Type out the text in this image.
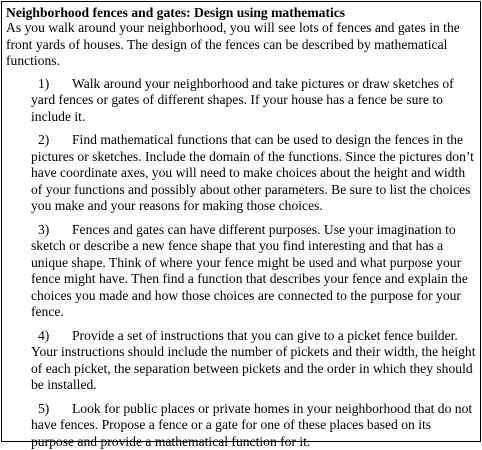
Neighborhood fences and gates: Design using mathematics

As you walk around your neighborhood, you will see lots of fences and gates in the front yards of houses. The design of the fences can be described by mathematical functions.

1) Walk around your neighborhood and take pictures or draw sketches of yard fences or gates of different shapes. If your house has a fence be sure to include it.
2) Find mathematical functions that can be used to design the fences in the pictures or sketches. Include the domain of the functions. Since the pictures don’t have coordinate axes, you will need to make choices about the height and width of your functions and possibly about other parameters. Be sure to list the choices you make and your reasons for making those choices.
3) Fences and gates can have different purposes. Use your imagination to sketch or describe a new fence shape that you find interesting and that has a unique shape. Think of where your fence might be used and what purpose your fence might have. Then find a function that describes your fence and explain the choices you made and how those choices are connected to the purpose for your fence.
4) Provide a set of instructions that you can give to a picket fence builder. Your instructions should include the number of pickets and their width, the height of each picket, the separation between pickets and the order in which they should be installed.
5) Look for public places or private homes in your neighborhood that do not have fences. Propose a fence or a gate for one of these places based on its purpose and provide a mathematical function for it.
